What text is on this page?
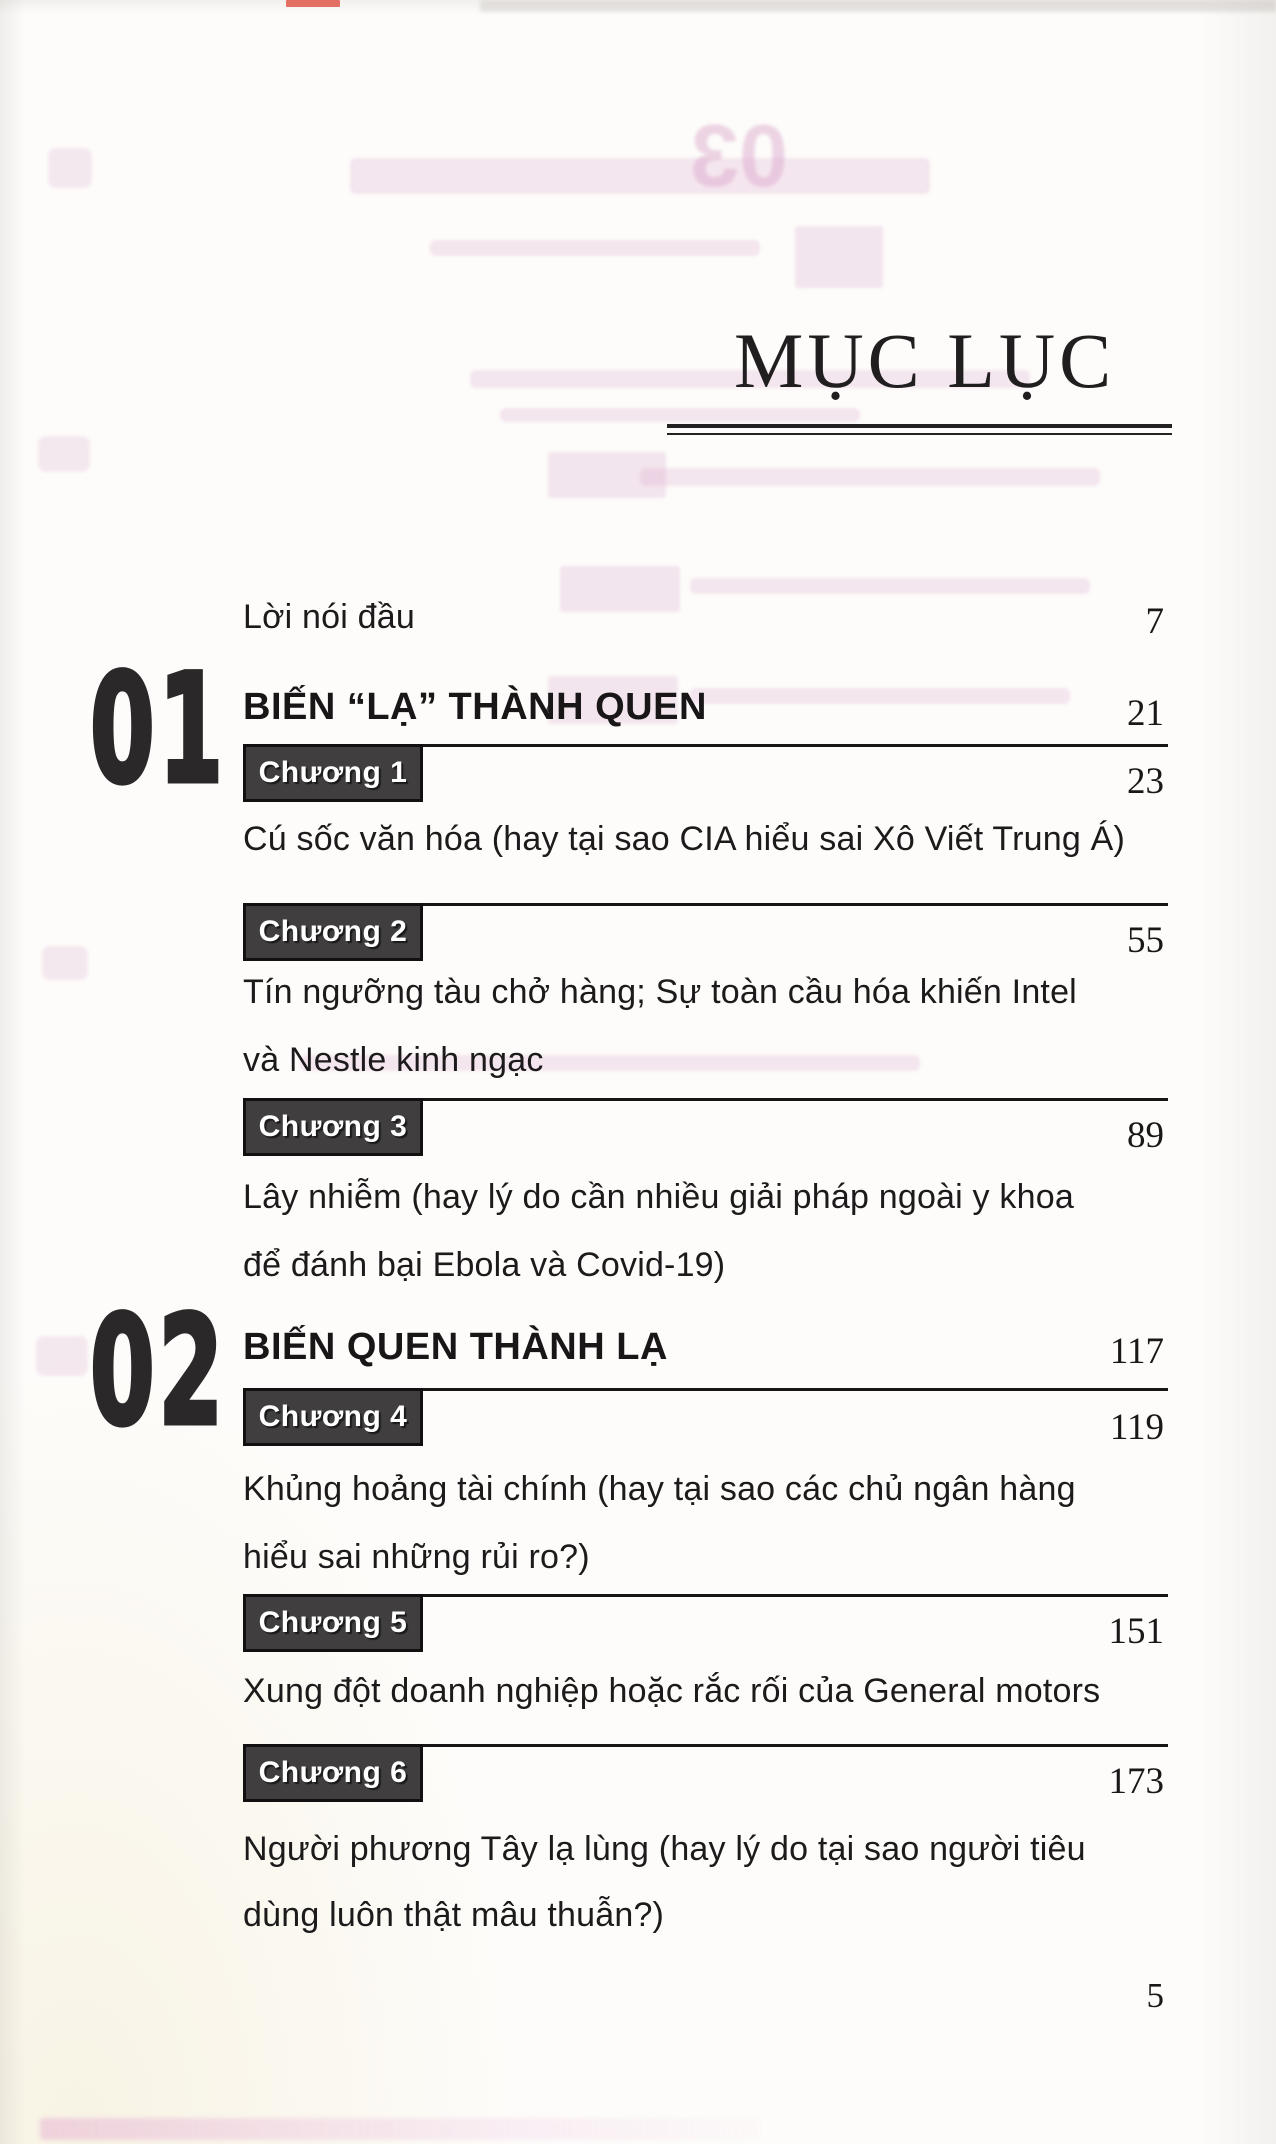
03
MỤC LỤC
Lời nói đầu	7
01 BIẾN “LẠ” THÀNH QUEN	21
Chương 1	23
Cú sốc văn hóa (hay tại sao CIA hiểu sai Xô Viết Trung Á)
Chương 2	55
Tín ngưỡng tàu chở hàng; Sự toàn cầu hóa khiến Intel
và Nestle kinh ngạc
Chương 3	89
Lây nhiễm (hay lý do cần nhiều giải pháp ngoài y khoa
để đánh bại Ebola và Covid-19)
02 BIẾN QUEN THÀNH LẠ	117
Chương 4	119
Khủng hoảng tài chính (hay tại sao các chủ ngân hàng
hiểu sai những rủi ro?)
Chương 5	151
Xung đột doanh nghiệp hoặc rắc rối của General motors
Chương 6	173
Người phương Tây lạ lùng (hay lý do tại sao người tiêu
dùng luôn thật mâu thuẫn?)
5
